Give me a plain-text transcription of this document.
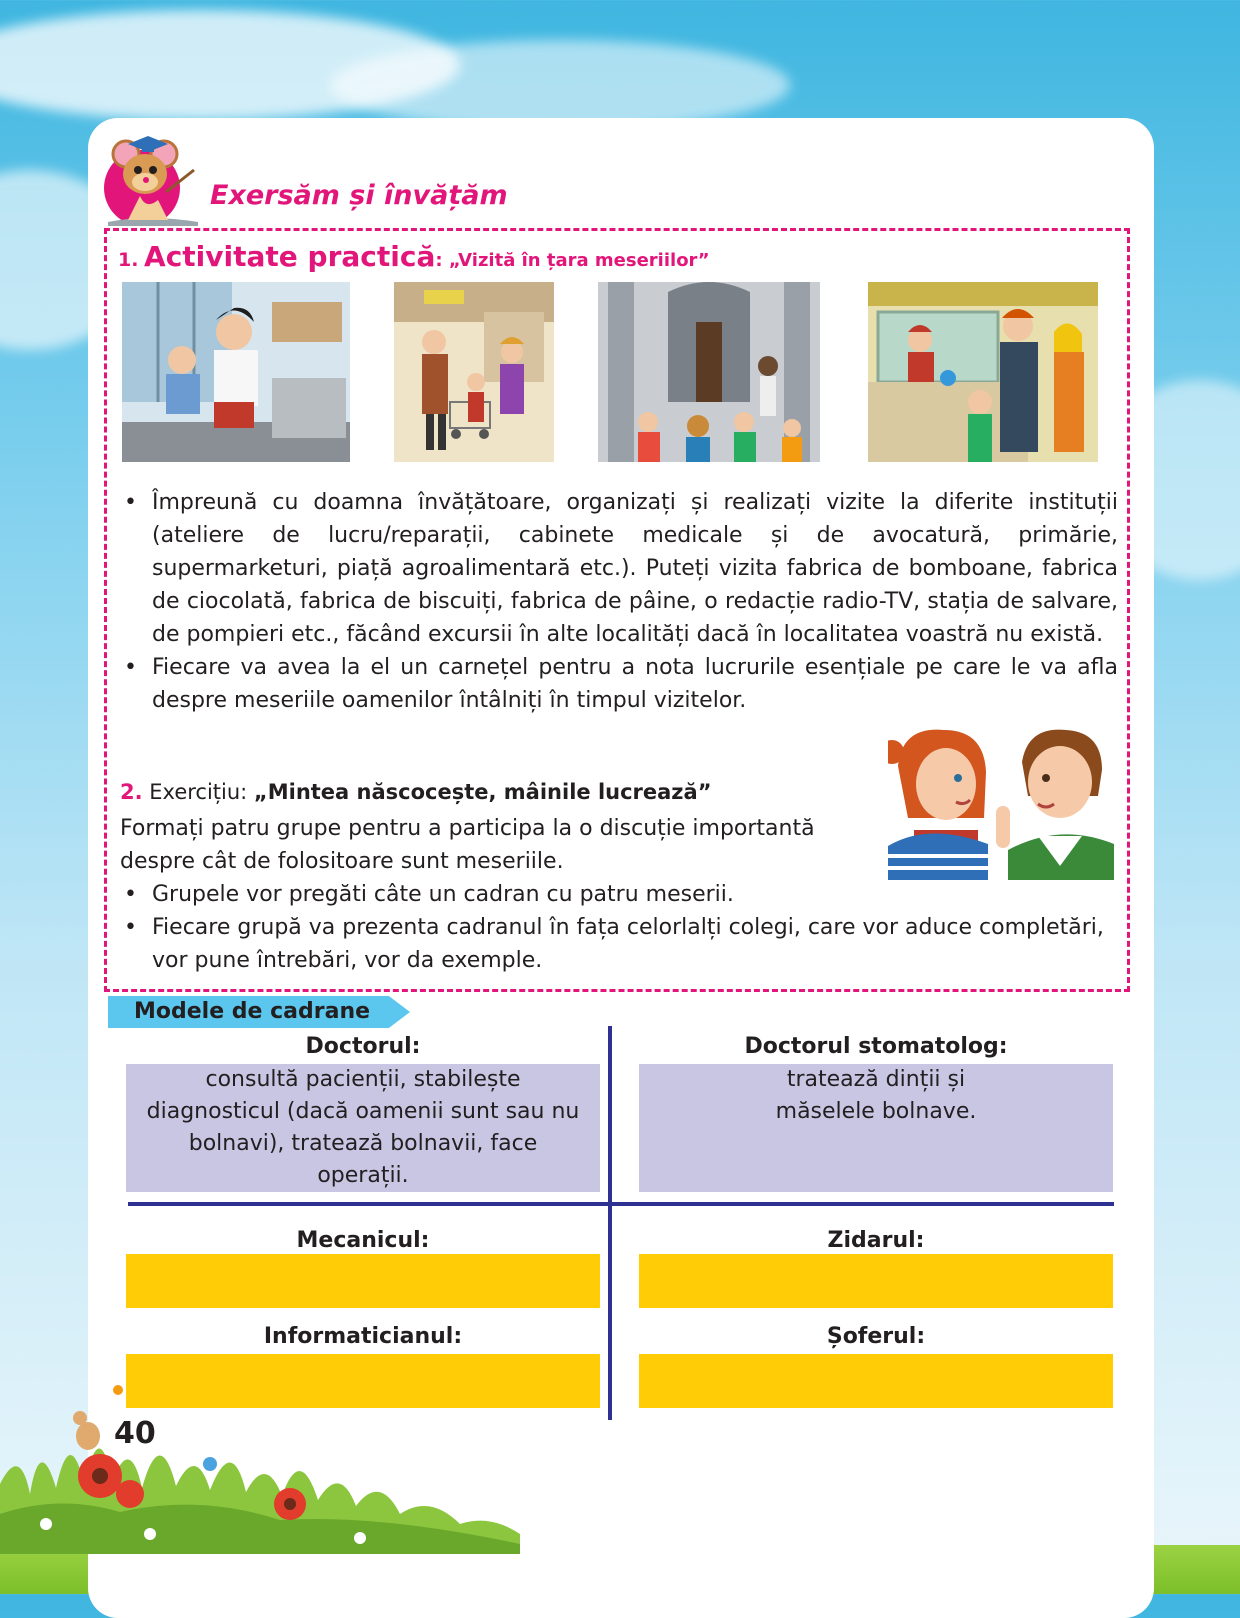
Exersăm și învățăm

1. Activitate practică: „Vizită în țara meseriilor”

• Împreună cu doamna învățătoare, organizați și realizați vizite la diferite instituții (ateliere de lucru/reparații, cabinete medicale și de avocatură, primărie, supermarketuri, piață agroalimentară etc.). Puteți vizita fabrica de bomboane, fabrica de ciocolată, fabrica de biscuiți, fabrica de pâine, o redacție radio-TV, stația de salvare, de pompieri etc., făcând excursii în alte localități dacă în localitatea voastră nu există.
• Fiecare va avea la el un carnețel pentru a nota lucrurile esențiale pe care le va afla despre meseriile oamenilor întâlniți în timpul vizitelor.

2. Exercițiu: „Mintea născocește, mâinile lucrează”

Formați patru grupe pentru a participa la o discuție importantă despre cât de folositoare sunt meseriile.

• Grupele vor pregăti câte un cadran cu patru meserii.
• Fiecare grupă va prezenta cadranul în fața celorlalți colegi, care vor aduce completări, vor pune întrebări, vor da exemple.
Modele de cadrane
Doctorul:
consultă pacienții, stabilește diagnosticul (dacă oamenii sunt sau nu bolnavi), tratează bolnavii, face operații.
Doctorul stomatolog:
tratează dinții și măselele bolnave.
Mecanicul:	Zidarul:
Informaticianul:	Șoferul:

40
